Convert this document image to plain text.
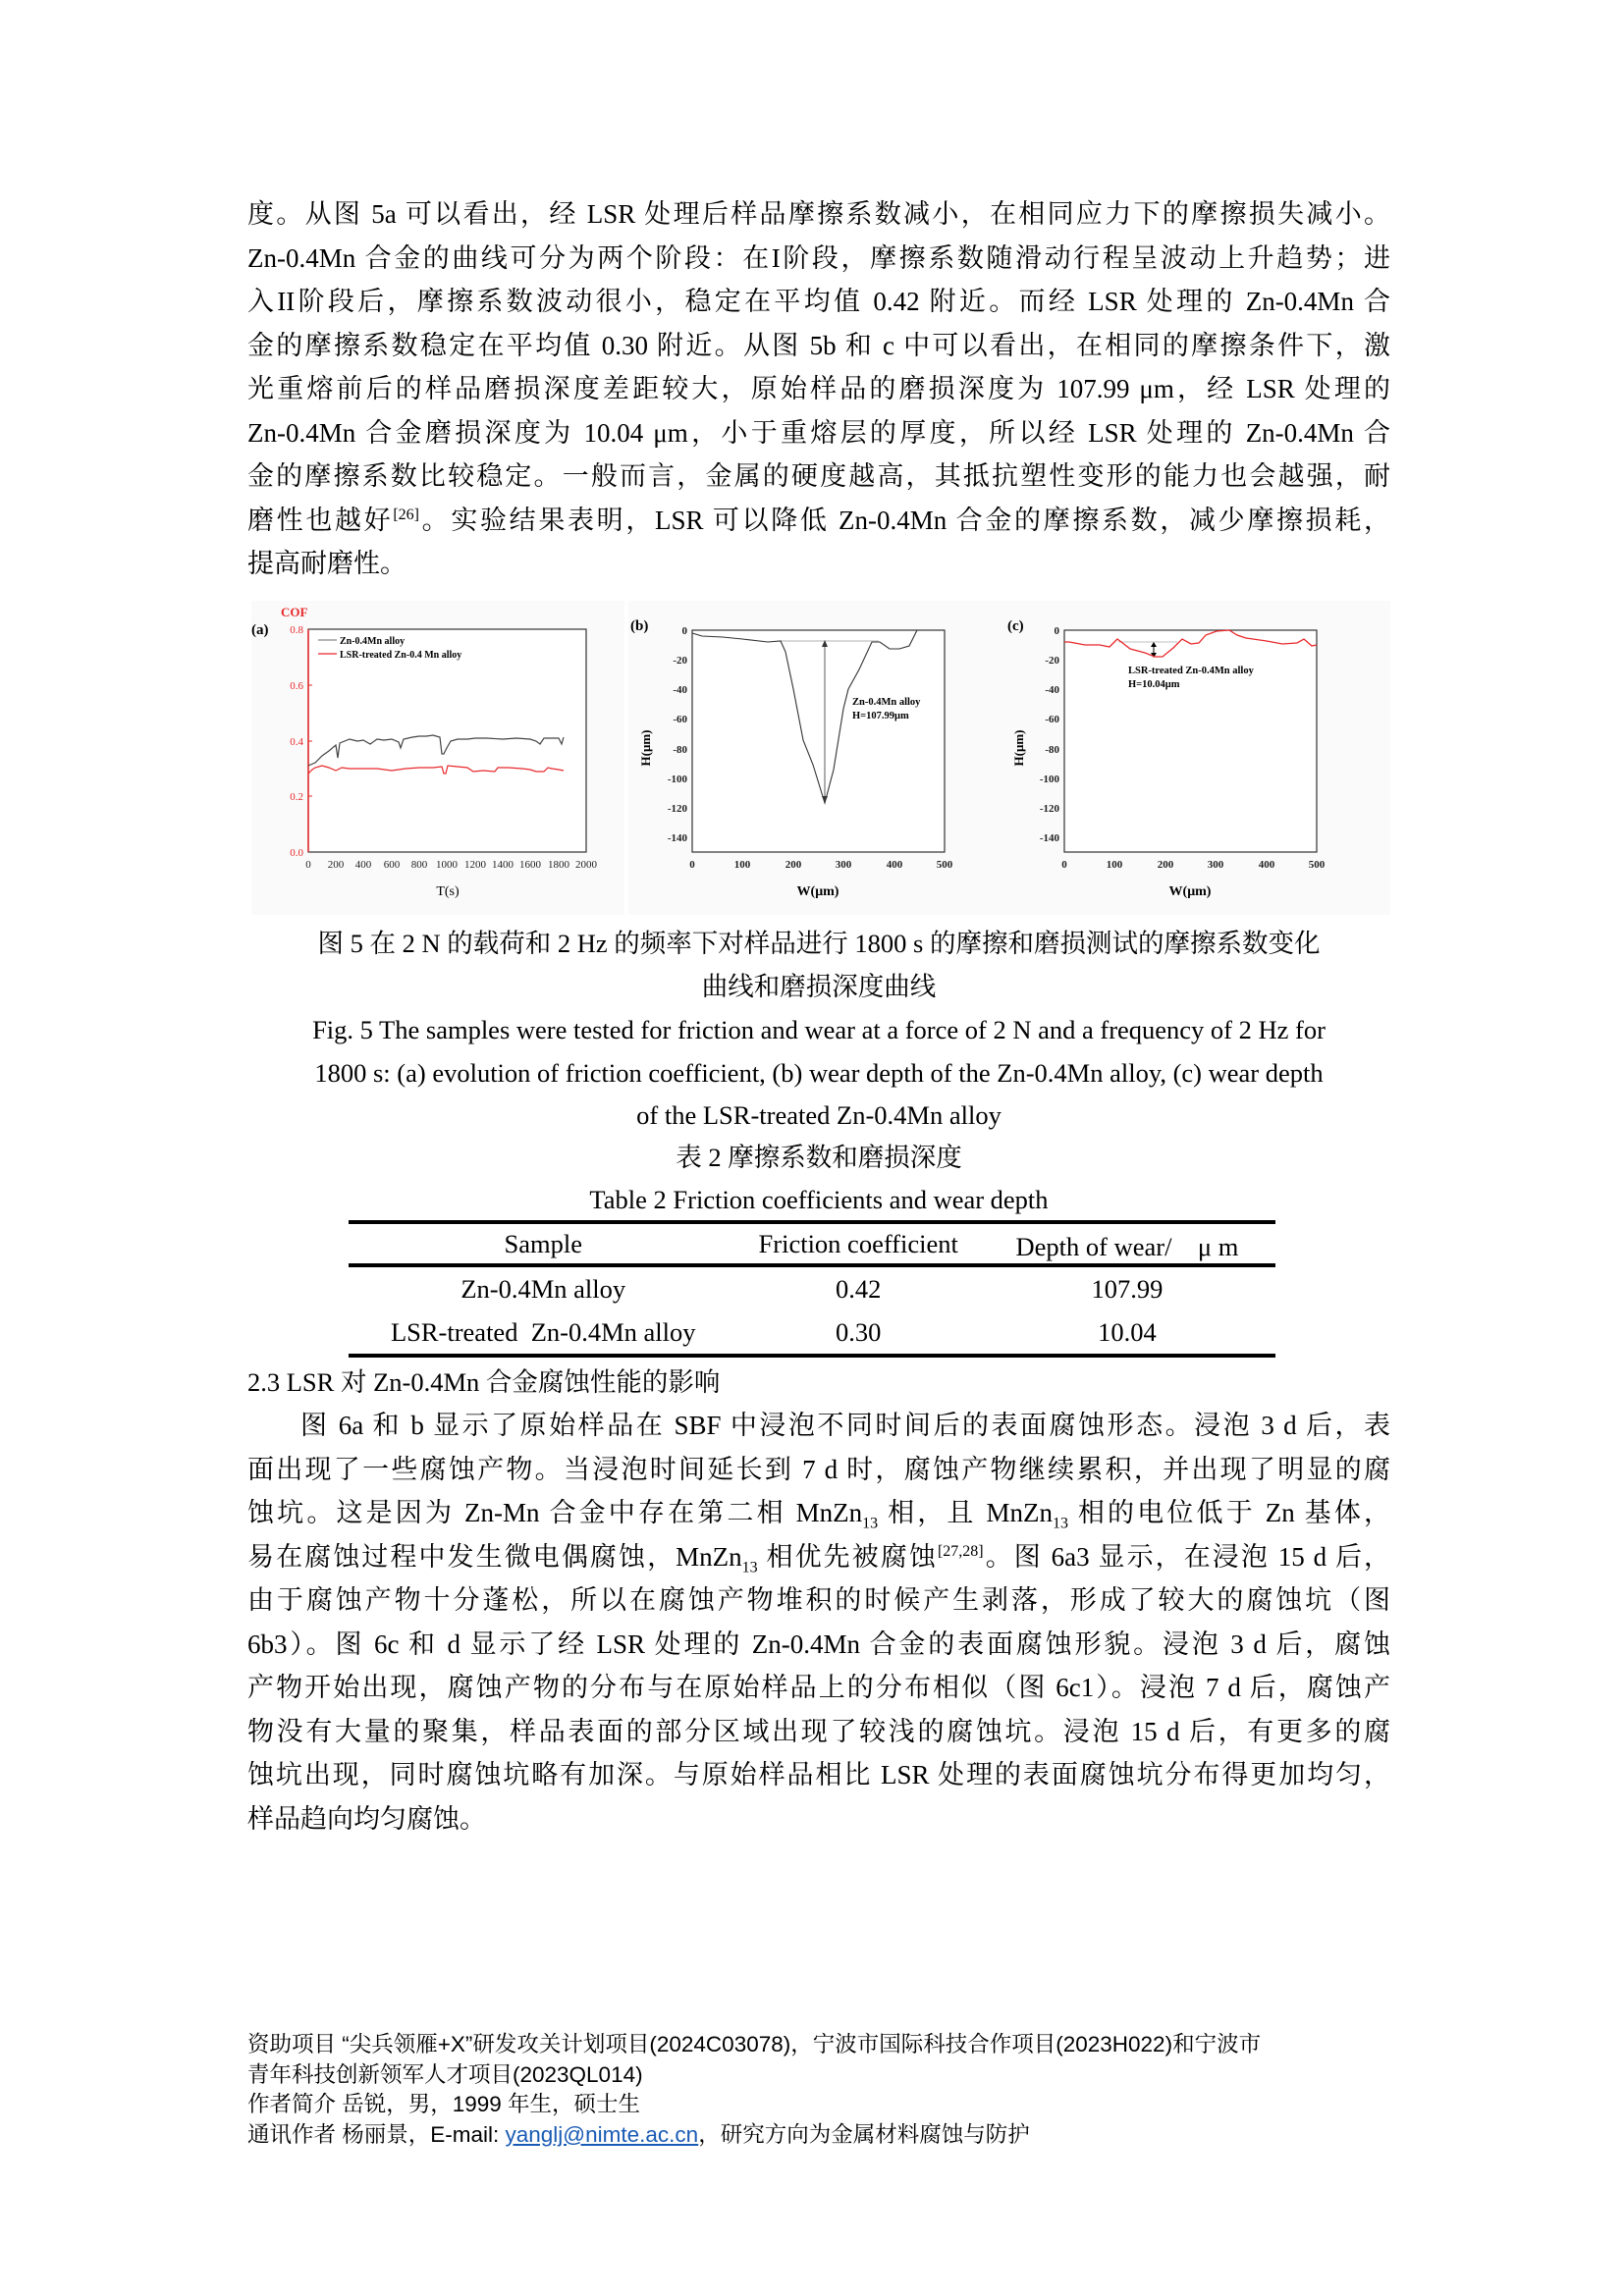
度。从图 5a 可以看出，经 LSR 处理后样品摩擦系数减小，在相同应力下的摩擦损失减小。
Zn-0.4Mn 合金的曲线可分为两个阶段：在I阶段，摩擦系数随滑动行程呈波动上升趋势；进
入II阶段后，摩擦系数波动很小，稳定在平均值 0.42 附近。而经 LSR 处理的 Zn-0.4Mn 合
金的摩擦系数稳定在平均值 0.30 附近。从图 5b 和 c 中可以看出，在相同的摩擦条件下，激
光重熔前后的样品磨损深度差距较大，原始样品的磨损深度为 107.99 μm，经 LSR 处理的
Zn-0.4Mn 合金磨损深度为 10.04 μm，小于重熔层的厚度，所以经 LSR 处理的 Zn-0.4Mn 合
金的摩擦系数比较稳定。一般而言，金属的硬度越高，其抵抗塑性变形的能力也会越强，耐
磨性也越好[26]。实验结果表明，LSR 可以降低 Zn-0.4Mn 合金的摩擦系数，减少摩擦损耗，
提高耐磨性。
0.8
0.6
0.4
0.2
0.0
COF
(a)
0 200 400 600 800 1000 1200 1400 1600 1800 2000
T(s)
Zn-0.4Mn alloy
LSR-treated Zn-0.4 Mn alloy
(b)	0
-20
-40
-60
-80
-100
-120
-140
0	100	200	300	400	500
H(μm)
W(μm)
Zn-0.4Mn alloy
H=107.99μm
(c)	0
-20
-40
-60
-80
-100
-120
-140
0	100	200	300	400	500
H(μm)
W(μm)
LSR-treated Zn-0.4Mn alloy
H=10.04μm
图 5 在 2 N 的载荷和 2 Hz 的频率下对样品进行 1800 s 的摩擦和磨损测试的摩擦系数变化
曲线和磨损深度曲线
Fig. 5 The samples were tested for friction and wear at a force of 2 N and a frequency of 2 Hz for
1800 s: (a) evolution of friction coefficient, (b) wear depth of the Zn-0.4Mn alloy, (c) wear depth
of the LSR-treated Zn-0.4Mn alloy
表 2 摩擦系数和磨损深度
Table 2 Friction coefficients and wear depth
Sample	Friction coefficient	Depth of wear/　μ m
Zn-0.4Mn alloy	0.42	107.99
LSR-treated  Zn-0.4Mn alloy	0.30	10.04
2.3 LSR 对 Zn-0.4Mn 合金腐蚀性能的影响
图 6a 和 b 显示了原始样品在 SBF 中浸泡不同时间后的表面腐蚀形态。浸泡 3 d 后，表
面出现了一些腐蚀产物。当浸泡时间延长到 7 d 时，腐蚀产物继续累积，并出现了明显的腐
蚀坑。这是因为 Zn-Mn 合金中存在第二相 MnZn$_{13}$ 相，且 MnZn$_{13}$ 相的电位低于 Zn 基体，
易在腐蚀过程中发生微电偶腐蚀，MnZn$_{13}$ 相优先被腐蚀[27,28]。图 6a3 显示，在浸泡 15 d 后，
由于腐蚀产物十分蓬松，所以在腐蚀产物堆积的时候产生剥落，形成了较大的腐蚀坑（图
6b3）。图 6c 和 d 显示了经 LSR 处理的 Zn-0.4Mn 合金的表面腐蚀形貌。浸泡 3 d 后，腐蚀
产物开始出现，腐蚀产物的分布与在原始样品上的分布相似（图 6c1）。浸泡 7 d 后，腐蚀产
物没有大量的聚集，样品表面的部分区域出现了较浅的腐蚀坑。浸泡 15 d 后，有更多的腐
蚀坑出现，同时腐蚀坑略有加深。与原始样品相比 LSR 处理的表面腐蚀坑分布得更加均匀，
样品趋向均匀腐蚀。
资助项目 “尖兵领雁+X”研发攻关计划项目(2024C03078)，宁波市国际科技合作项目(2023H022)和宁波市
青年科技创新领军人才项目(2023QL014)
作者简介 岳锐，男，1999 年生，硕士生
通讯作者 杨丽景，E-mail: yanglj@nimte.ac.cn，研究方向为金属材料腐蚀与防护
